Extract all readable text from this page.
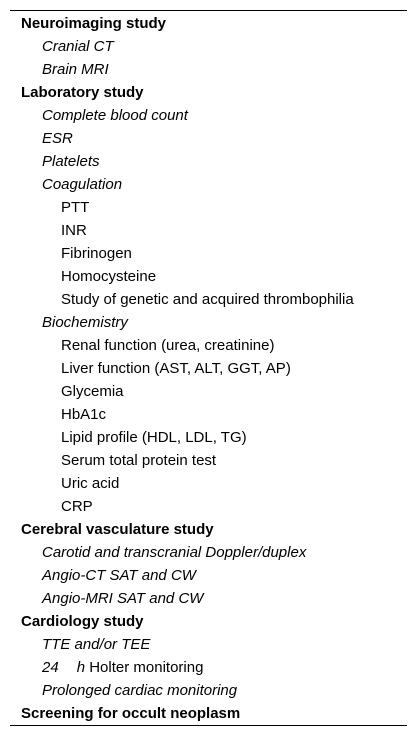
Neuroimaging study
Cranial CT
Brain MRI
Laboratory study
Complete blood count
ESR
Platelets
Coagulation
PTT
INR
Fibrinogen
Homocysteine
Study of genetic and acquired thrombophilia
Biochemistry
Renal function (urea, creatinine)
Liver function (AST, ALT, GGT, AP)
Glycemia
HbA1c
Lipid profile (HDL, LDL, TG)
Serum total protein test
Uric acid
CRP
Cerebral vasculature study
Carotid and transcranial Doppler/duplex
Angio-CT SAT and CW
Angio-MRI SAT and CW
Cardiology study
TTE and/or TEE
24 h Holter monitoring
Prolonged cardiac monitoring
Screening for occult neoplasm
